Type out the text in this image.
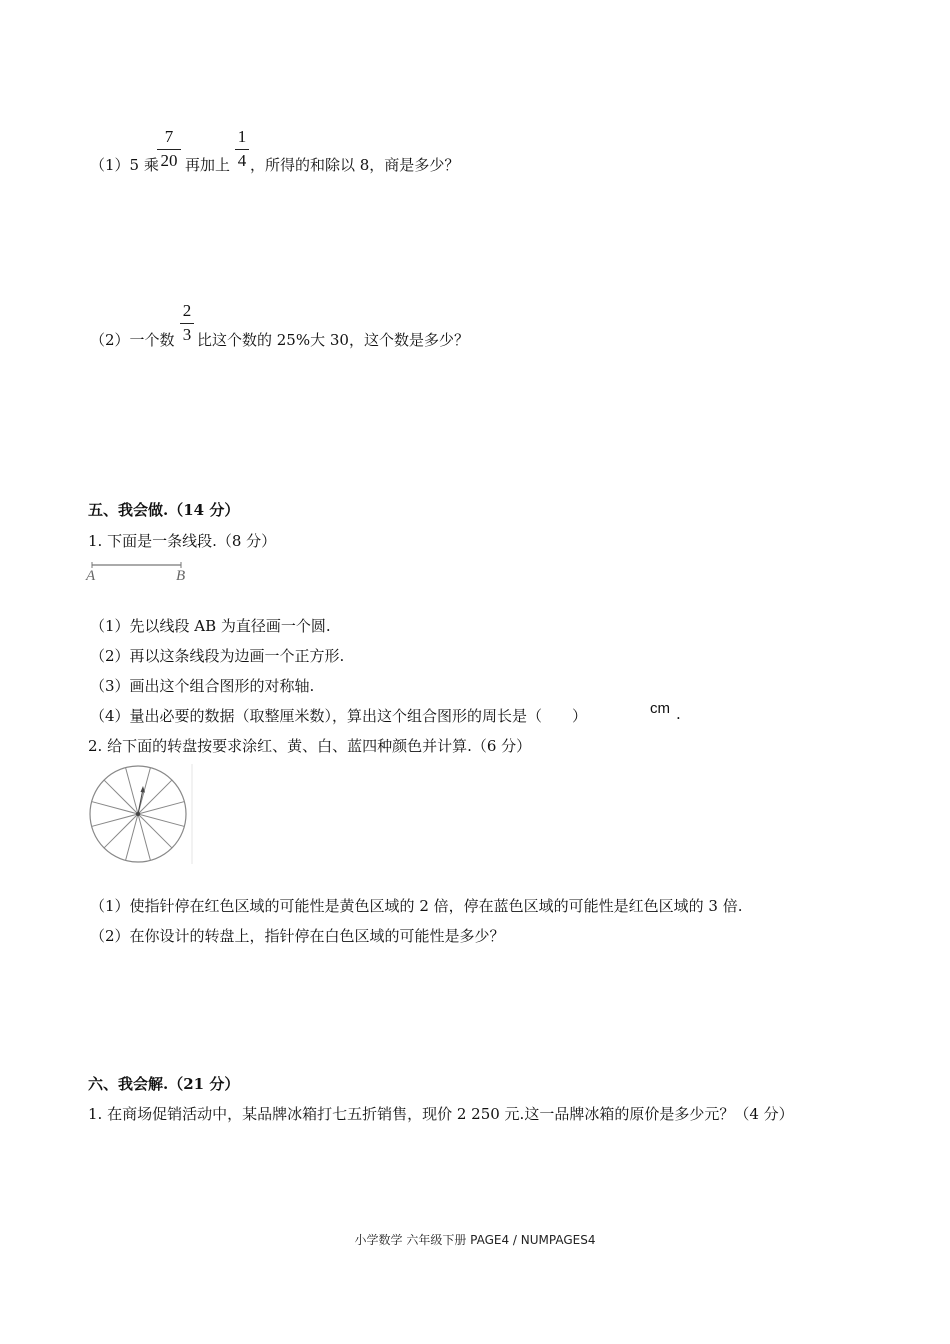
（1）5 乘
7
20 再加上
1
4 ，所得的和除以 8，商是多少？
（2）一个数
2
3 比这个数的 25%大 30，这个数是多少？
五、我会做.（14 分）
1. 下面是一条线段.（8 分）
A	B
（1）先以线段 AB 为直径画一个圆.
（2）再以这条线段为边画一个正方形.
（3）画出这个组合图形的对称轴.
（4）量出必要的数据（取整厘米数），算出这个组合图形的周长是（　　）	cm .
2. 给下面的转盘按要求涂红、黄、白、蓝四种颜色并计算.（6 分）
（1）使指针停在红色区域的可能性是黄色区域的 2 倍，停在蓝色区域的可能性是红色区域的 3 倍.
（2）在你设计的转盘上，指针停在白色区域的可能性是多少？
六、我会解.（21 分）
1. 在商场促销活动中，某品牌冰箱打七五折销售，现价 2 250 元.这一品牌冰箱的原价是多少元？（4 分）
小学数学 六年级下册 PAGE4 / NUMPAGES4
